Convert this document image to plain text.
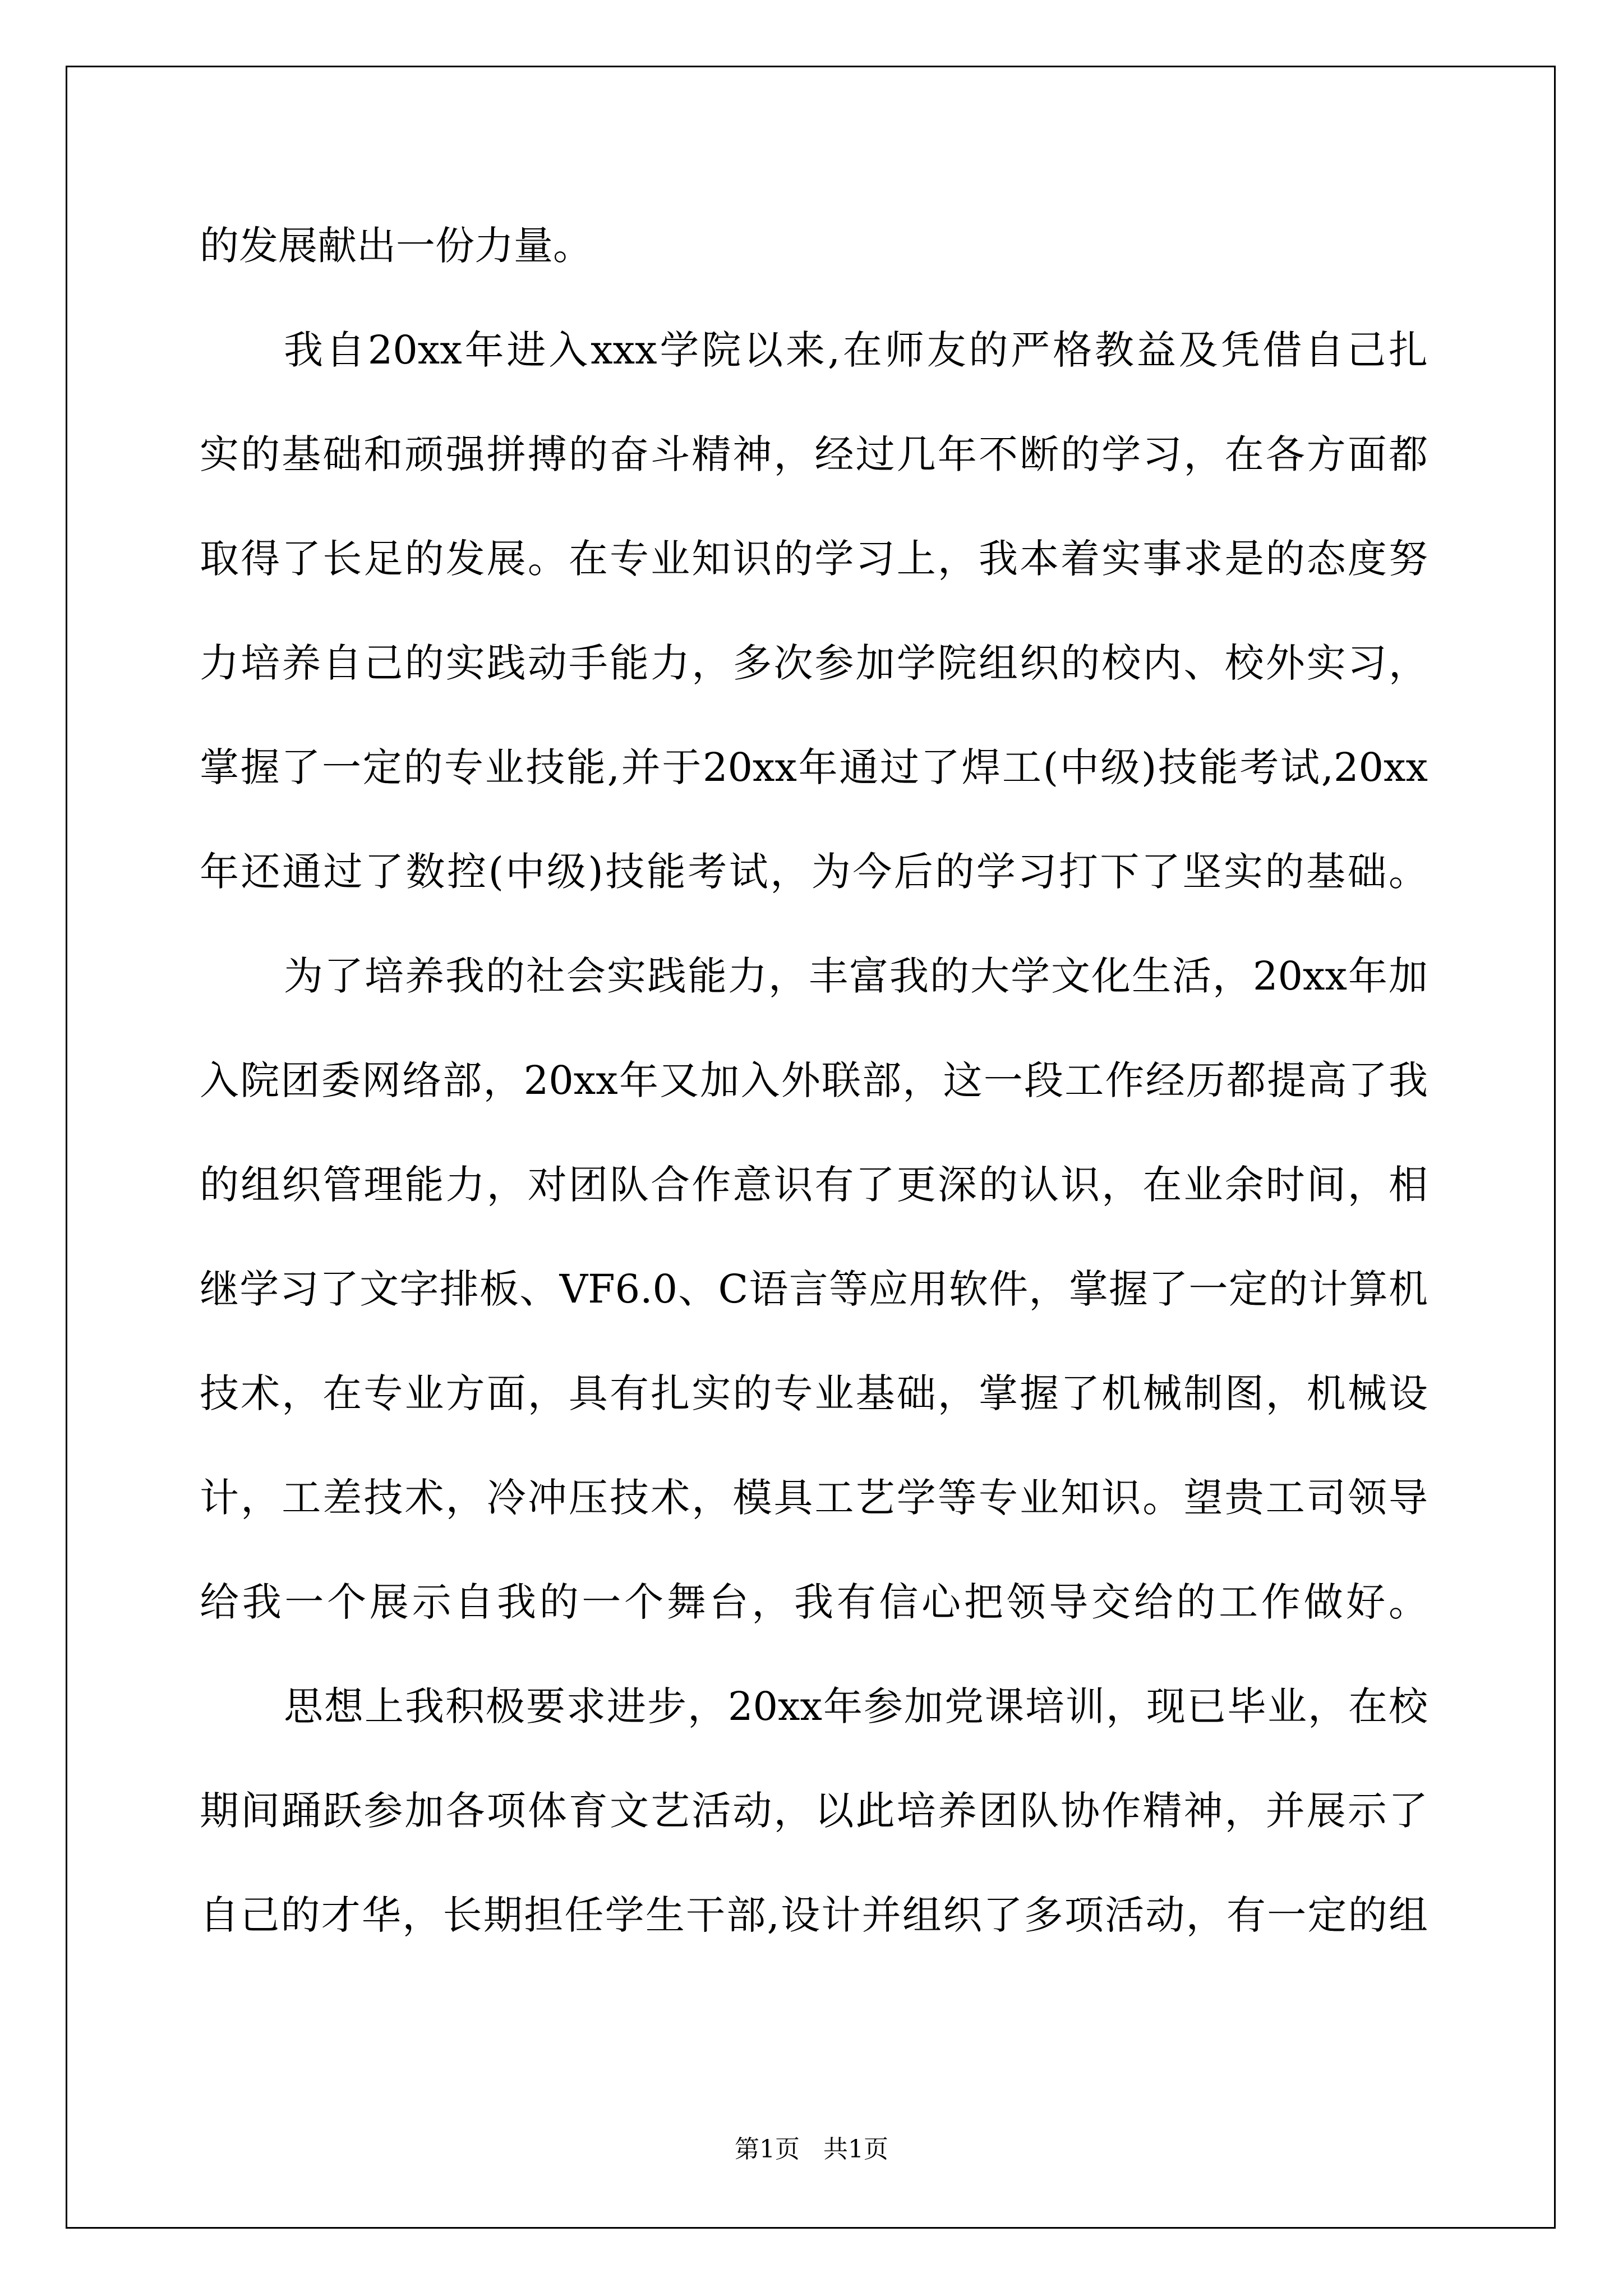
的发展献出一份力量。
我自20xx年进入xxx学院以来,在师友的严格教益及凭借自己扎
实的基础和顽强拼搏的奋斗精神，经过几年不断的学习，在各方面都
取得了长足的发展。在专业知识的学习上，我本着实事求是的态度努
力培养自己的实践动手能力，多次参加学院组织的校内、校外实习，
掌握了一定的专业技能,并于20xx年通过了焊工(中级)技能考试,20xx
年还通过了数控(中级)技能考试，为今后的学习打下了坚实的基础。
为了培养我的社会实践能力，丰富我的大学文化生活，20xx年加
入院团委网络部，20xx年又加入外联部，这一段工作经历都提高了我
的组织管理能力，对团队合作意识有了更深的认识，在业余时间，相
继学习了文字排板、VF6.0、C语言等应用软件，掌握了一定的计算机
技术，在专业方面，具有扎实的专业基础，掌握了机械制图，机械设
计，工差技术，冷冲压技术，模具工艺学等专业知识。望贵工司领导
给我一个展示自我的一个舞台，我有信心把领导交给的工作做好。
思想上我积极要求进步，20xx年参加党课培训，现已毕业，在校
期间踊跃参加各项体育文艺活动，以此培养团队协作精神，并展示了
自己的才华，长期担任学生干部,设计并组织了多项活动，有一定的组
第1页   共1页
